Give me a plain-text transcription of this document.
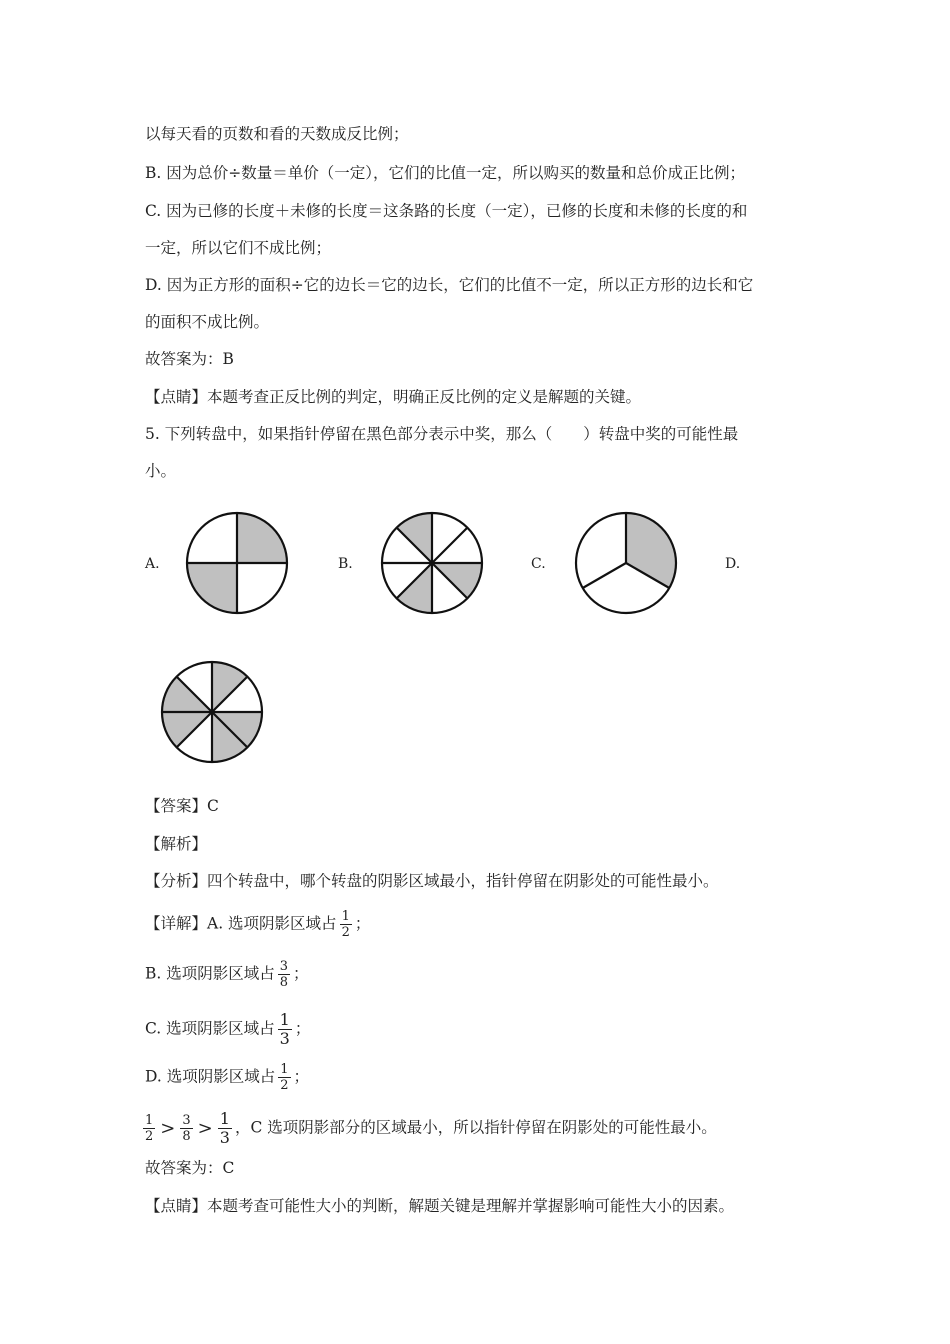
以每天看的页数和看的天数成反比例；
B. 因为总价÷数量＝单价（一定），它们的比值一定，所以购买的数量和总价成正比例；
C. 因为已修的长度＋未修的长度＝这条路的长度（一定），已修的长度和未修的长度的和
一定，所以它们不成比例；
D. 因为正方形的面积÷它的边长＝它的边长，它们的比值不一定，所以正方形的边长和它
的面积不成比例。
故答案为：B
【点睛】本题考查正反比例的判定，明确正反比例的定义是解题的关键。
5. 下列转盘中，如果指针停留在黑色部分表示中奖，那么（　　）转盘中奖的可能性最
小。
A.	B.	C.	D.
【答案】C
【解析】
【分析】四个转盘中，哪个转盘的阴影区域最小，指针停留在阴影处的可能性最小。
【详解】A. 选项阴影区域占 $\frac{1}{2}$ ；
B. 选项阴影区域占 $\frac{3}{8}$ ；
C. 选项阴影区域占 $\frac{1}{3}$ ；
D. 选项阴影区域占 $\frac{1}{2}$ ；
$\frac{1}{2} > \frac{3}{8} > \frac{1}{3}$ ，C 选项阴影部分的区域最小，所以指针停留在阴影处的可能性最小。
故答案为：C
【点睛】本题考查可能性大小的判断，解题关键是理解并掌握影响可能性大小的因素。
